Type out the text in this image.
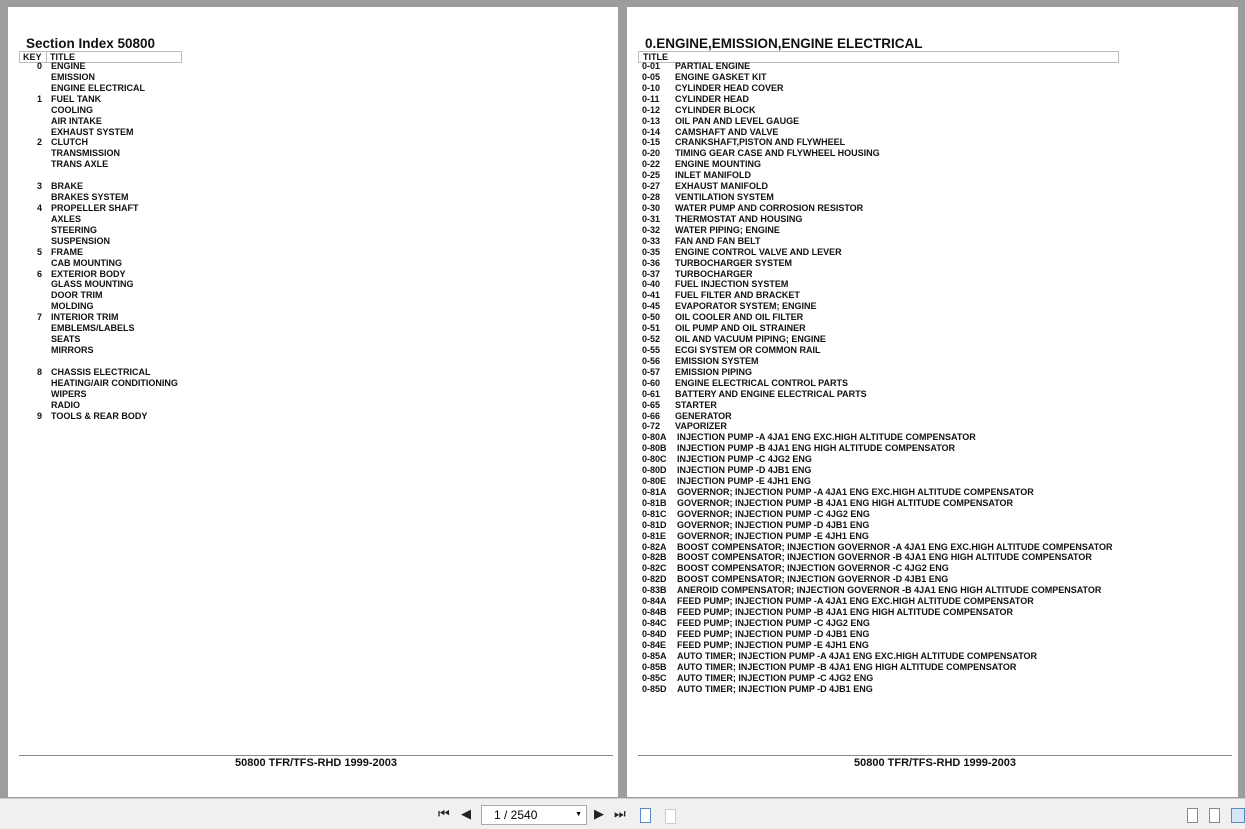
Section Index 50800
KEY TITLE
0 ENGINE
EMISSION
ENGINE ELECTRICAL
1 FUEL TANK
COOLING
AIR INTAKE
EXHAUST SYSTEM
2 CLUTCH
TRANSMISSION
TRANS AXLE
3 BRAKE
BRAKES SYSTEM
4 PROPELLER SHAFT
AXLES
STEERING
SUSPENSION
5 FRAME
CAB MOUNTING
6 EXTERIOR BODY
GLASS MOUNTING
DOOR TRIM
MOLDING
7 INTERIOR TRIM
EMBLEMS/LABELS
SEATS
MIRRORS
8 CHASSIS ELECTRICAL
HEATING/AIR CONDITIONING
WIPERS
RADIO
9 TOOLS & REAR BODY
50800 TFR/TFS-RHD 1999-2003
0.ENGINE,EMISSION,ENGINE ELECTRICAL
TITLE
0-01 PARTIAL ENGINE
0-05 ENGINE GASKET KIT
0-10 CYLINDER HEAD COVER
0-11 CYLINDER HEAD
0-12 CYLINDER BLOCK
0-13 OIL PAN AND LEVEL GAUGE
0-14 CAMSHAFT AND VALVE
0-15 CRANKSHAFT,PISTON AND FLYWHEEL
0-20 TIMING GEAR CASE AND FLYWHEEL HOUSING
0-22 ENGINE MOUNTING
0-25 INLET MANIFOLD
0-27 EXHAUST MANIFOLD
0-28 VENTILATION SYSTEM
0-30 WATER PUMP AND CORROSION RESISTOR
0-31 THERMOSTAT AND HOUSING
0-32 WATER PIPING; ENGINE
0-33 FAN AND FAN BELT
0-35 ENGINE CONTROL VALVE AND LEVER
0-36 TURBOCHARGER SYSTEM
0-37 TURBOCHARGER
0-40 FUEL INJECTION SYSTEM
0-41 FUEL FILTER AND BRACKET
0-45 EVAPORATOR SYSTEM; ENGINE
0-50 OIL COOLER AND OIL FILTER
0-51 OIL PUMP AND OIL STRAINER
0-52 OIL AND VACUUM PIPING; ENGINE
0-55 ECGI SYSTEM OR COMMON RAIL
0-56 EMISSION SYSTEM
0-57 EMISSION PIPING
0-60 ENGINE ELECTRICAL CONTROL PARTS
0-61 BATTERY AND ENGINE ELECTRICAL PARTS
0-65 STARTER
0-66 GENERATOR
0-72 VAPORIZER
0-80A INJECTION PUMP -A 4JA1 ENG EXC.HIGH ALTITUDE COMPENSATOR
0-80B INJECTION PUMP -B 4JA1 ENG HIGH ALTITUDE COMPENSATOR
0-80C INJECTION PUMP -C 4JG2 ENG
0-80D INJECTION PUMP -D 4JB1 ENG
0-80E INJECTION PUMP -E 4JH1 ENG
0-81A GOVERNOR; INJECTION PUMP -A 4JA1 ENG EXC.HIGH ALTITUDE COMPENSATOR
0-81B GOVERNOR; INJECTION PUMP -B 4JA1 ENG HIGH ALTITUDE COMPENSATOR
0-81C GOVERNOR; INJECTION PUMP -C 4JG2 ENG
0-81D GOVERNOR; INJECTION PUMP -D 4JB1 ENG
0-81E GOVERNOR; INJECTION PUMP -E 4JH1 ENG
0-82A BOOST COMPENSATOR; INJECTION GOVERNOR -A 4JA1 ENG EXC.HIGH ALTITUDE COMPENSATOR
0-82B BOOST COMPENSATOR; INJECTION GOVERNOR -B 4JA1 ENG HIGH ALTITUDE COMPENSATOR
0-82C BOOST COMPENSATOR; INJECTION GOVERNOR -C 4JG2 ENG
0-82D BOOST COMPENSATOR; INJECTION GOVERNOR -D 4JB1 ENG
0-83B ANEROID COMPENSATOR; INJECTION GOVERNOR -B 4JA1 ENG HIGH ALTITUDE COMPENSATOR
0-84A FEED PUMP; INJECTION PUMP -A 4JA1 ENG EXC.HIGH ALTITUDE COMPENSATOR
0-84B FEED PUMP; INJECTION PUMP -B 4JA1 ENG HIGH ALTITUDE COMPENSATOR
0-84C FEED PUMP; INJECTION PUMP -C 4JG2 ENG
0-84D FEED PUMP; INJECTION PUMP -D 4JB1 ENG
0-84E FEED PUMP; INJECTION PUMP -E 4JH1 ENG
0-85A AUTO TIMER; INJECTION PUMP -A 4JA1 ENG EXC.HIGH ALTITUDE COMPENSATOR
0-85B AUTO TIMER; INJECTION PUMP -B 4JA1 ENG HIGH ALTITUDE COMPENSATOR
0-85C AUTO TIMER; INJECTION PUMP -C 4JG2 ENG
0-85D AUTO TIMER; INJECTION PUMP -D 4JB1 ENG
50800 TFR/TFS-RHD 1999-2003
⏮︎ ◀ 1 / 2540	▼ ▶ ⏭︎
